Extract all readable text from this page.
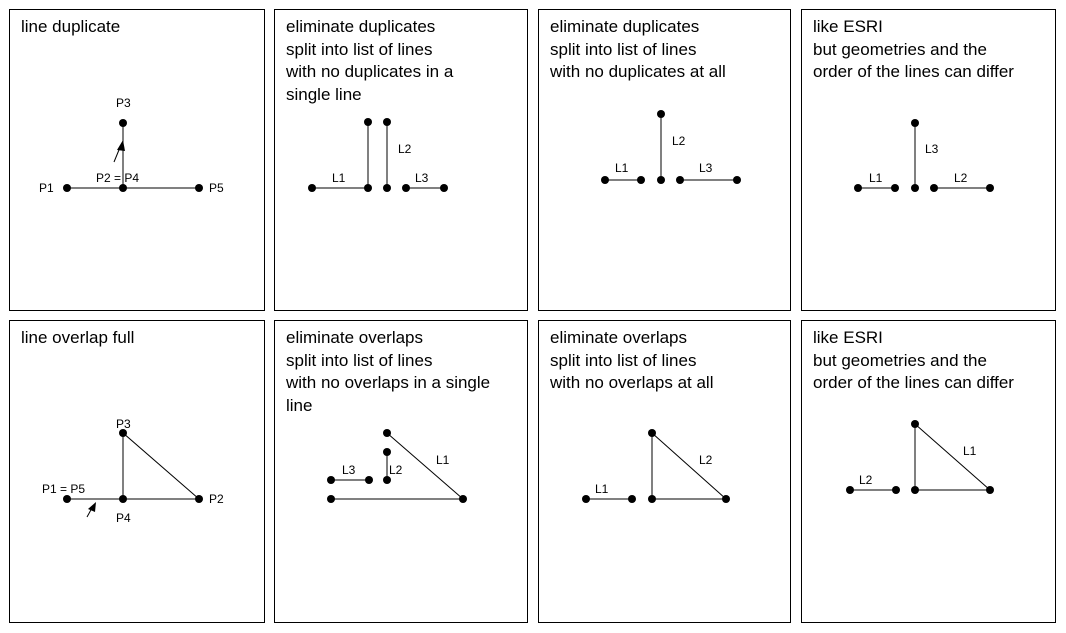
line duplicate
P3
P2 = P4
P1	P5
eliminate duplicates
split into list of lines
with no duplicates in a
single line
L2
L1	L3
eliminate duplicates
split into list of lines
with no duplicates at all
L2
L1	L3
like ESRI
but geometries and the
order of the lines can differ
L3
L1	L2
line overlap full
P3
P1 = P5
P2
P4
eliminate overlaps
split into list of lines
with no overlaps in a single
line
L1
L3	L2
eliminate overlaps
split into list of lines
with no overlaps at all
L2
L1
like ESRI
but geometries and the
order of the lines can differ
L1
L2
